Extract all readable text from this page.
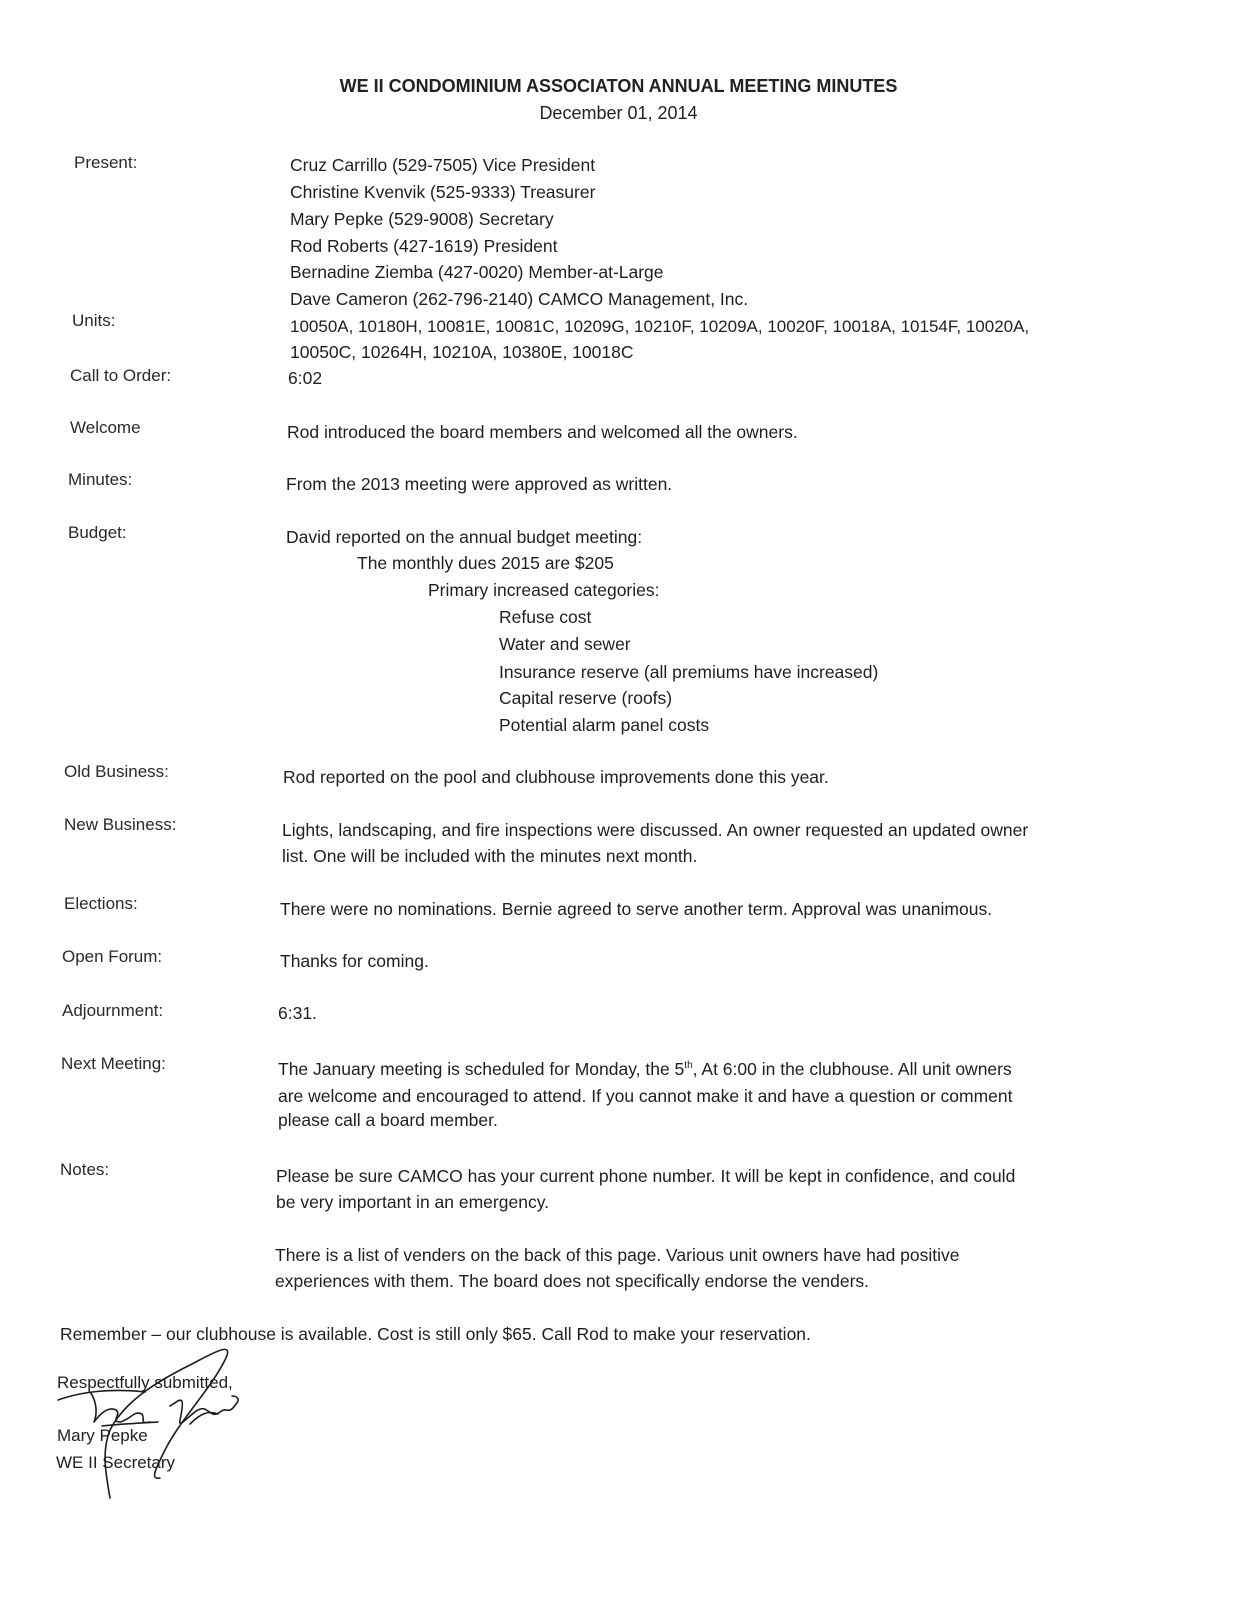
WE II CONDOMINIUM ASSOCIATON ANNUAL MEETING MINUTES
December 01, 2014
Present:	Cruz Carrillo (529-7505) Vice President
Christine Kvenvik (525-9333) Treasurer
Mary Pepke (529-9008) Secretary
Rod Roberts (427-1619) President
Bernadine Ziemba (427-0020) Member-at-Large
Dave Cameron (262-796-2140) CAMCO Management, Inc.
Units:	10050A, 10180H, 10081E, 10081C, 10209G, 10210F, 10209A, 10020F, 10018A, 10154F, 10020A,
10050C, 10264H, 10210A, 10380E, 10018C
Call to Order:	6:02
Welcome	Rod introduced the board members and welcomed all the owners.
Minutes:	From the 2013 meeting were approved as written.
Budget:	David reported on the annual budget meeting:
The monthly dues 2015 are $205
Primary increased categories:
Refuse cost
Water and sewer
Insurance reserve (all premiums have increased)
Capital reserve (roofs)
Potential alarm panel costs
Old Business:	Rod reported on the pool and clubhouse improvements done this year.
New Business:	Lights, landscaping, and fire inspections were discussed. An owner requested an updated owner
list. One will be included with the minutes next month.
Elections:	There were no nominations. Bernie agreed to serve another term. Approval was unanimous.
Open Forum:	Thanks for coming.
Adjournment:	6:31.
Next Meeting:	The January meeting is scheduled for Monday, the 5th, At 6:00 in the clubhouse. All unit owners
are welcome and encouraged to attend. If you cannot make it and have a question or comment
please call a board member.
Notes:	Please be sure CAMCO has your current phone number. It will be kept in confidence, and could
be very important in an emergency.
There is a list of venders on the back of this page. Various unit owners have had positive
experiences with them. The board does not specifically endorse the venders.
Remember – our clubhouse is available. Cost is still only $65. Call Rod to make your reservation.
Respectfully submitted,
Mary Pepke
WE II Secretary
